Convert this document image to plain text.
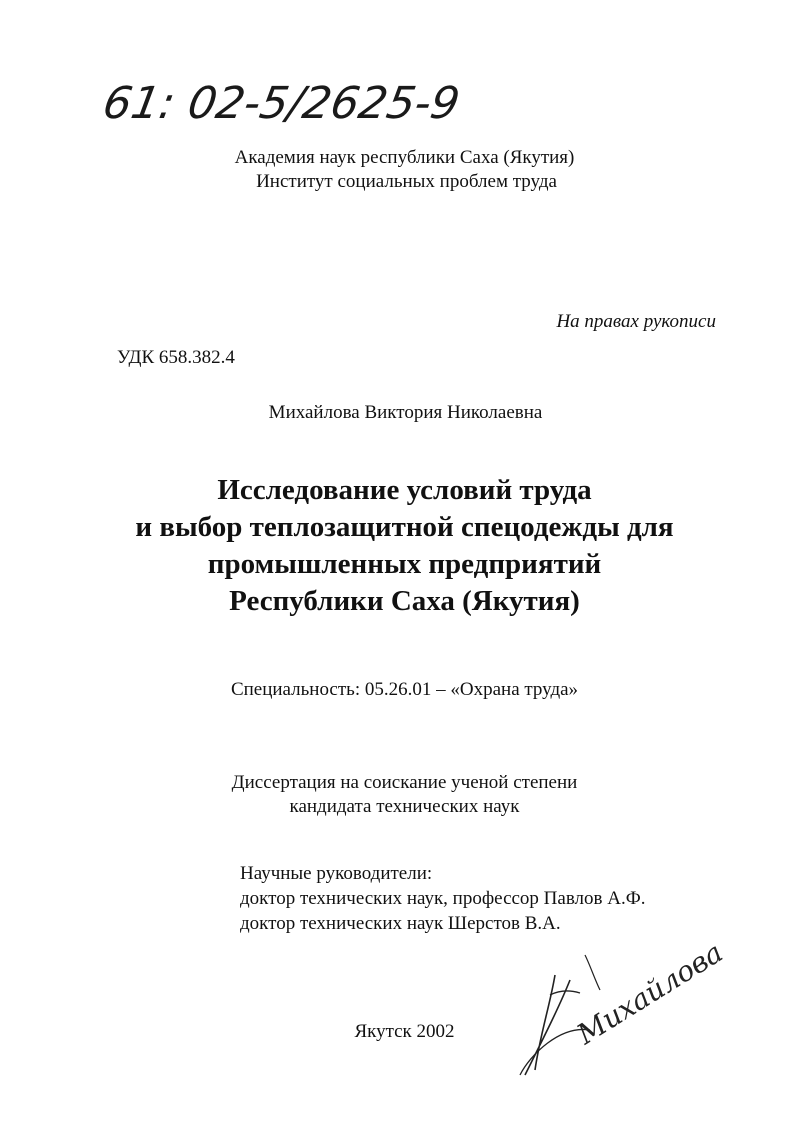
61: 02-5/2625-9
Академия наук республики Саха (Якутия)
Институт социальных проблем труда
На правах рукописи
УДК 658.382.4
Михайлова Виктория Николаевна
Исследование условий труда
и выбор теплозащитной спецодежды для
промышленных предприятий
Республики Саха (Якутия)
Специальность: 05.26.01 – «Охрана труда»
Диссертация на соискание ученой степени
кандидата технических наук
Научные руководители:
доктор технических наук, профессор Павлов А.Ф.
доктор технических наук Шерстов В.А.
Якутск 2002	Михайлова
